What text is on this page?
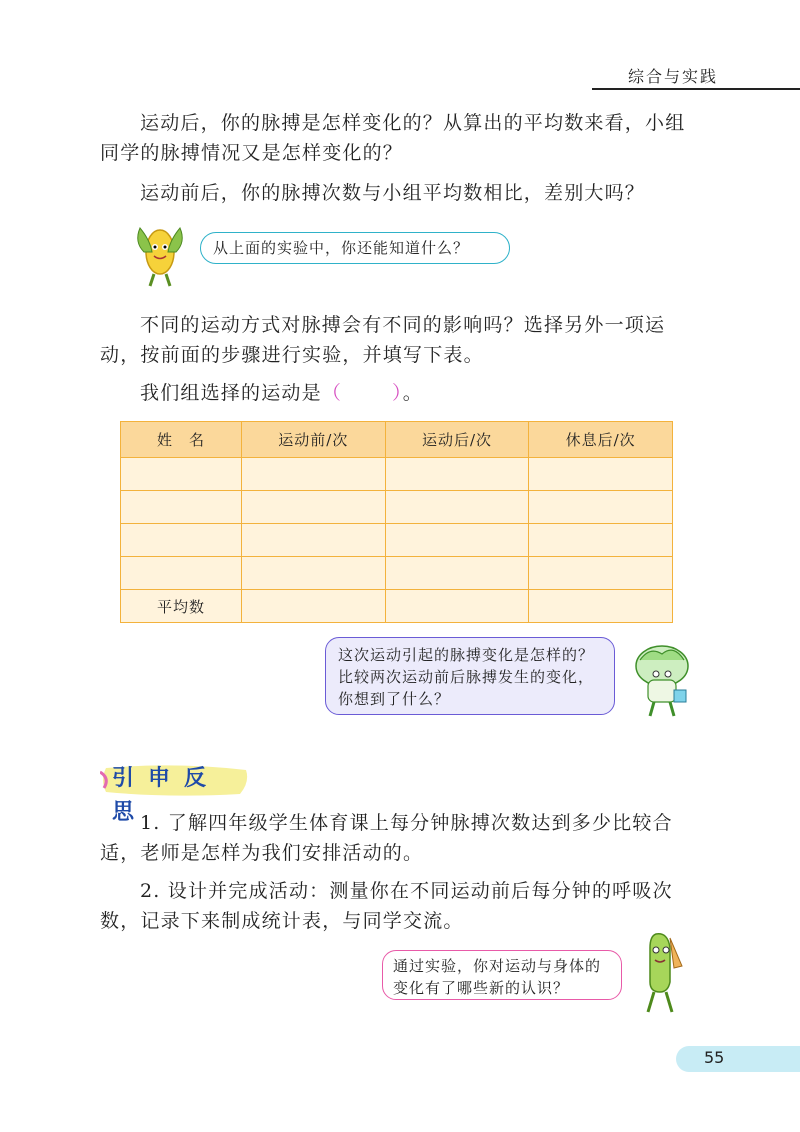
综合与实践
运动后，你的脉搏是怎样变化的？从算出的平均数来看，小组同学的脉搏情况又是怎样变化的？
运动前后，你的脉搏次数与小组平均数相比，差别大吗？
从上面的实验中，你还能知道什么？
不同的运动方式对脉搏会有不同的影响吗？选择另外一项运动，按前面的步骤进行实验，并填写下表。
我们组选择的运动是（	）。
姓　名	运动前/次	运动后/次	休息后/次

平均数			
这次运动引起的脉搏变化是怎样的？比较两次运动前后脉搏发生的变化，你想到了什么？
引申反思
1. 了解四年级学生体育课上每分钟脉搏次数达到多少比较合适，老师是怎样为我们安排活动的。
2. 设计并完成活动：测量你在不同运动前后每分钟的呼吸次数，记录下来制成统计表，与同学交流。
通过实验，你对运动与身体的变化有了哪些新的认识？
55
